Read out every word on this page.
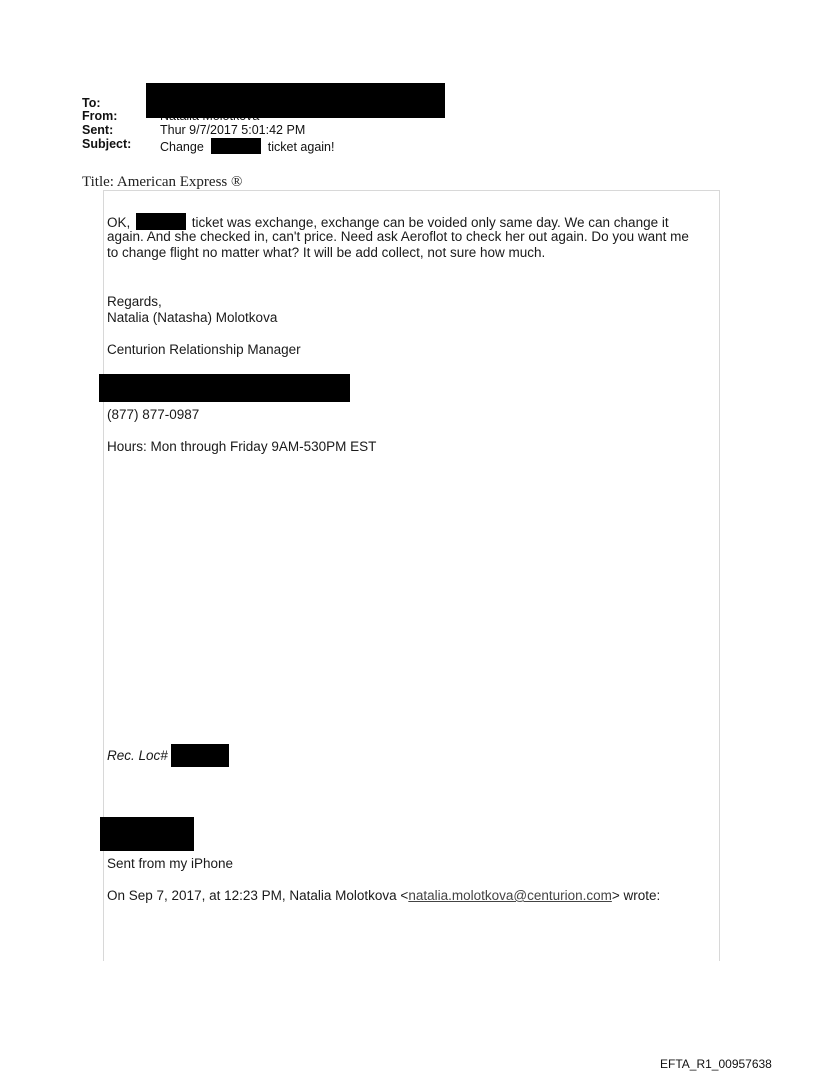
To:
From:
Sent:	Thur 9/7/2017 5:01:42 PM
Subject: Change	ticket again!
Title: American Express ®
OK,	ticket was exchange, exchange can be voided only same day. We can change it
again. And she checked in, can't price. Need ask Aeroflot to check her out again. Do you want me
to change flight no matter what? It will be add collect, not sure how much.
Regards,
Natalia (Natasha) Molotkova
Centurion Relationship Manager
(877) 877-0987
Hours: Mon through Friday 9AM-530PM EST
Rec. Loc#
Sent from my iPhone
On Sep 7, 2017, at 12:23 PM, Natalia Molotkova <natalia.molotkova@centurion.com> wrote:
EFTA_R1_00957638
